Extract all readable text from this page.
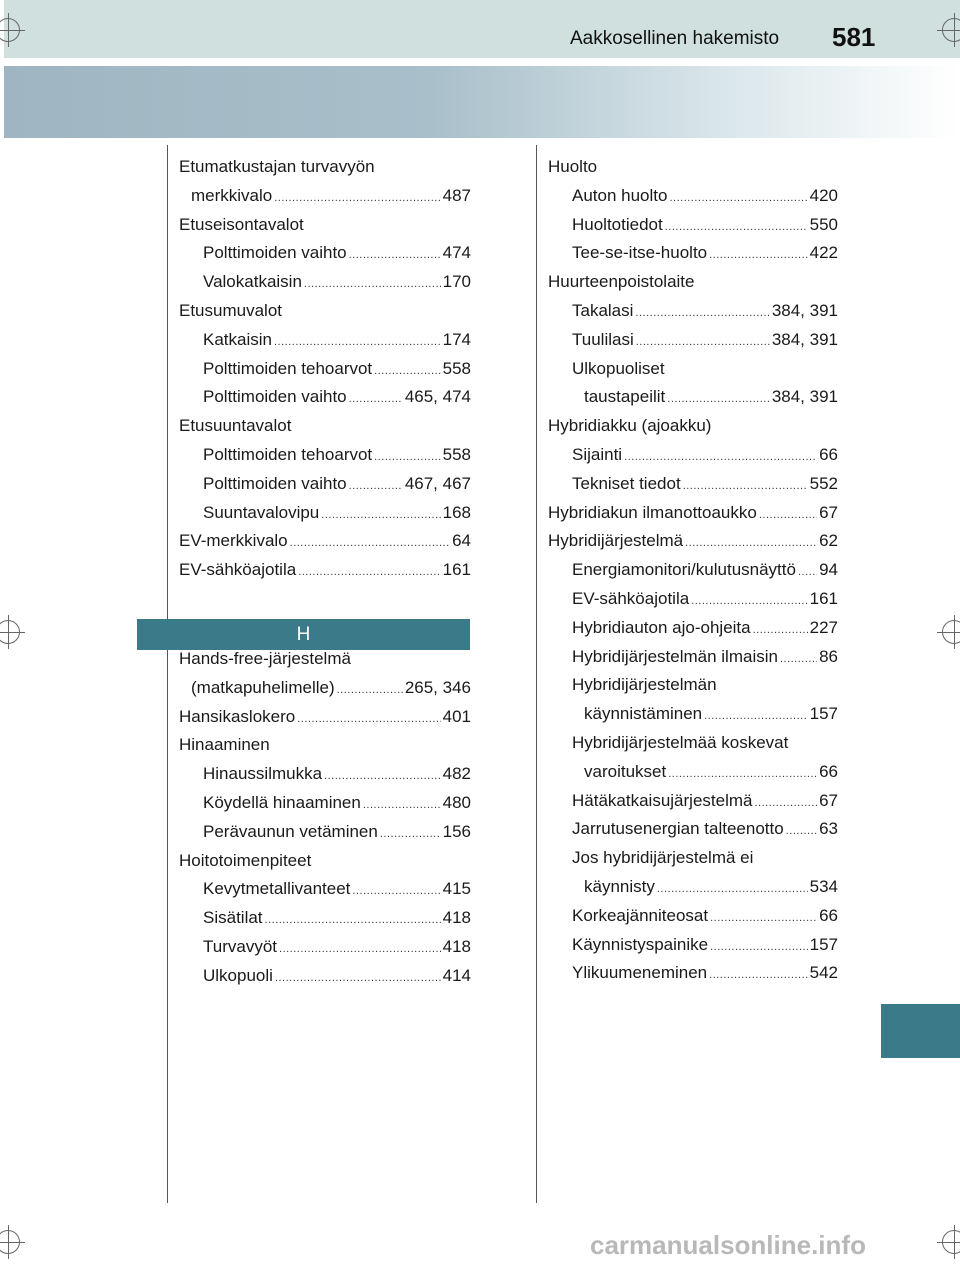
Aakkosellinen hakemisto 581
Etumatkustajan turvavyön
merkkivalo .....	487
Etuseisontavalot
Polttimoiden vaihto .....	474
Valokatkaisin .....	170
Etusumuvalot
Katkaisin .....	174
Polttimoiden tehoarvot .....	558
Polttimoiden vaihto .....	465, 474
Etusuuntavalot
Polttimoiden tehoarvot .....	558
Polttimoiden vaihto .....	467, 467
Suuntavalovipu .....	168
EV-merkkivalo .....	64
EV-sähköajotila .....	161
H
Hands-free-järjestelmä
(matkapuhelimelle) .....	265, 346
Hansikaslokero .....	401
Hinaaminen
Hinaussilmukka .....	482
Köydellä hinaaminen .....	480
Perävaunun vetäminen .....	156
Hoitotoimenpiteet
Kevytmetallivanteet .....	415
Sisätilat .....	418
Turvavyöt .....	418
Ulkopuoli .....	414
Huolto
Auton huolto .....	420
Huoltotiedot .....	550
Tee-se-itse-huolto .....	422
Huurteenpoistolaite
Takalasi .....	384, 391
Tuulilasi .....	384, 391
Ulkopuoliset
taustapeilit .....	384, 391
Hybridiakku (ajoakku)
Sijainti .....	66
Tekniset tiedot .....	552
Hybridiakun ilmanottoaukko .....	67
Hybridijärjestelmä .....	62
Energiamonitori/kulutusnäyttö ..... 94
EV-sähköajotila .....	161
Hybridiauton ajo-ohjeita .....	227
Hybridijärjestelmän ilmaisin ..... 86
Hybridijärjestelmän
käynnistäminen .....	157
Hybridijärjestelmää koskevat
varoitukset .....	66
Hätäkatkaisujärjestelmä .....	67
Jarrutusenergian talteenotto ..... 63
Jos hybridijärjestelmä ei
käynnisty .....	534
Korkeajänniteosat .....	66
Käynnistyspainike .....	157
Ylikuumeneminen .....	542
carmanualsonline.info
